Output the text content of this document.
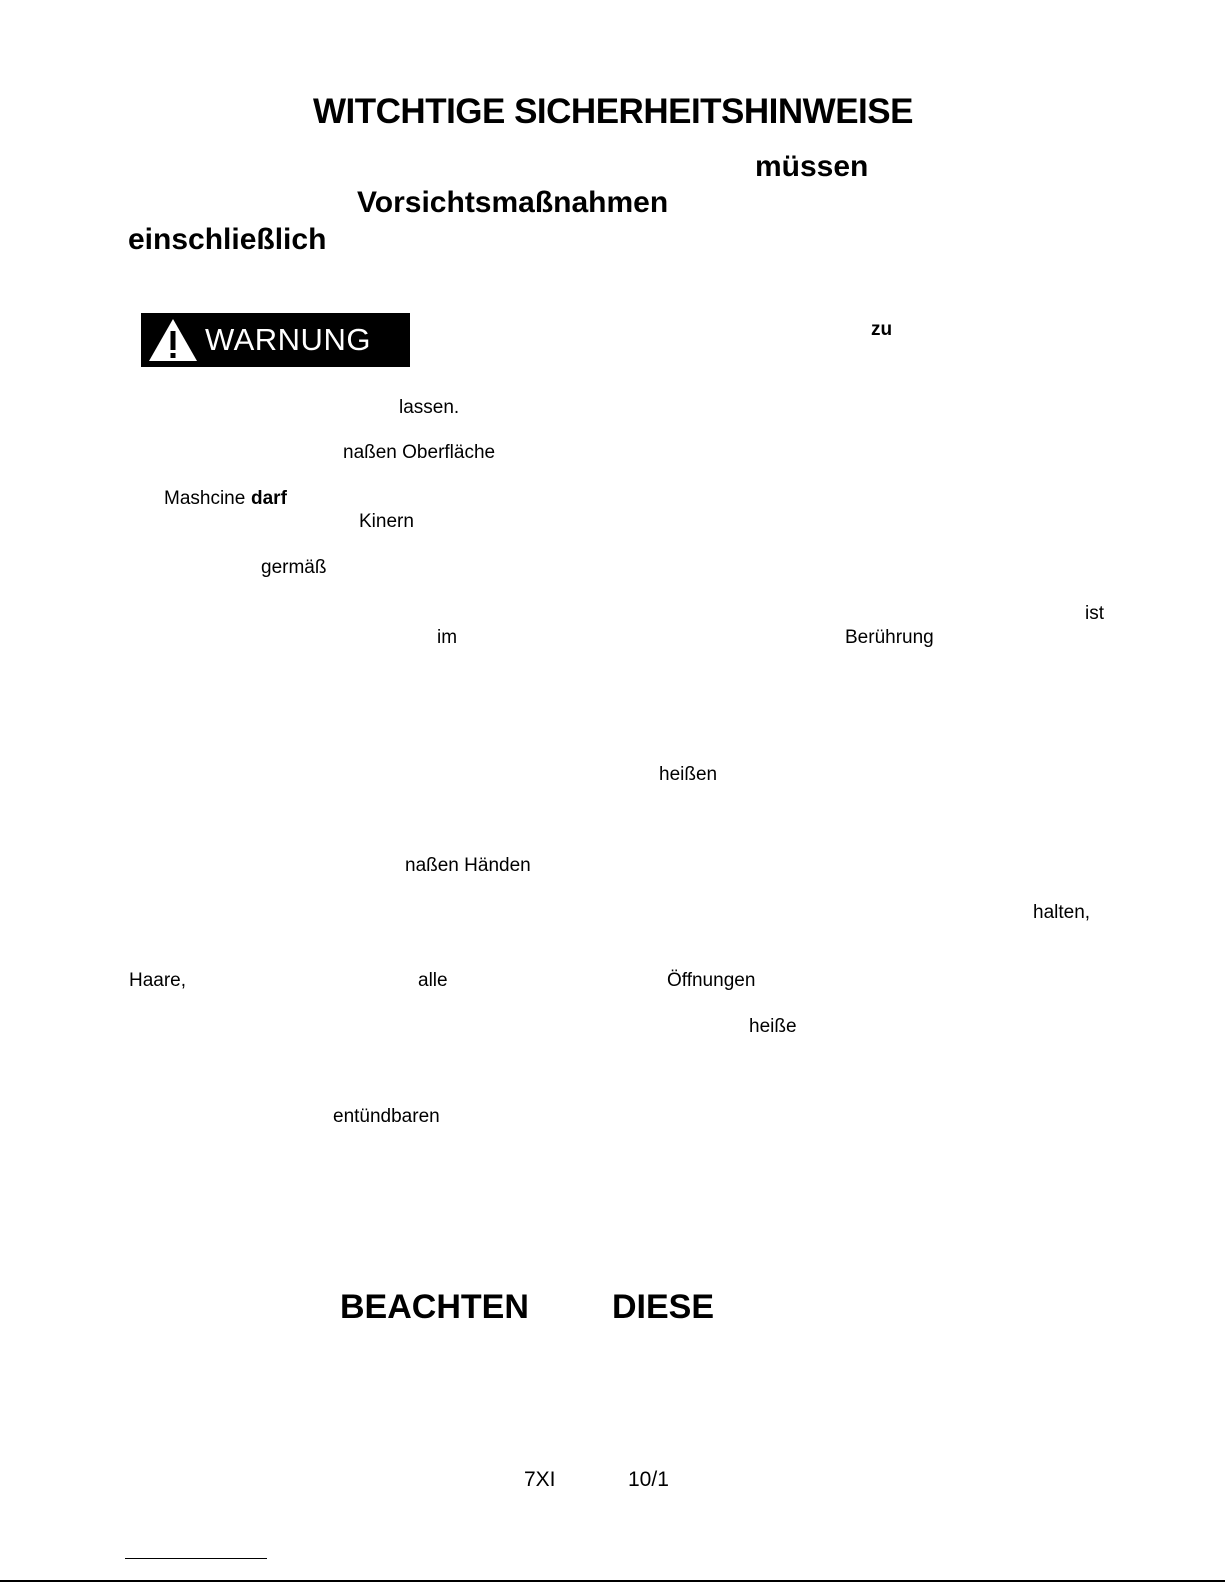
WITCHTIGE SICHERHEITSHINWEISE
müssen
Vorsichtsmaßnahmen
einschließlich
WARNUNG	zu
lassen.
naßen Oberfläche
Mashcine darf
Kinern
germäß
ist
im	Berührung
heißen
naßen Händen
halten,
Haare,	alle	Öffnungen
heiße
entündbaren
BEACHTEN DIESE
7XI	10/1
